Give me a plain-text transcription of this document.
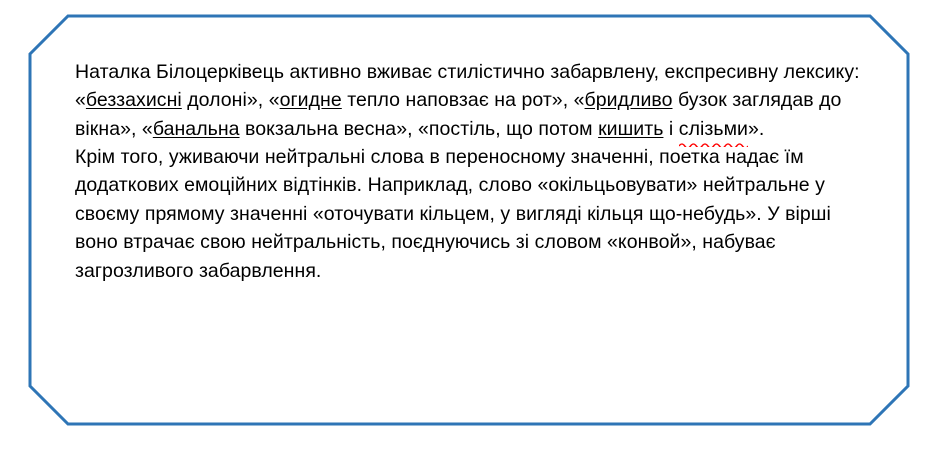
Наталка Білоцерківець активно вживає стилістично забарвлену, експресивну лексику: «беззахисні долоні», «огидне тепло наповзає на рот», «бридливо бузок заглядав до вікна», «банальна вокзальна весна», «постіль, що потом кишить і слізьми
».

Крім того, уживаючи нейтральні слова в переносному значенні, поетка надає їм додаткових емоційних відтінків. Наприклад, слово «окільцьовувати» нейтральне у своєму прямому значенні «оточувати кільцем, у вигляді кільця що-небудь». У вірші воно втрачає свою нейтральність, поєднуючись зі словом «конвой», набуває загрозливого забарвлення.
